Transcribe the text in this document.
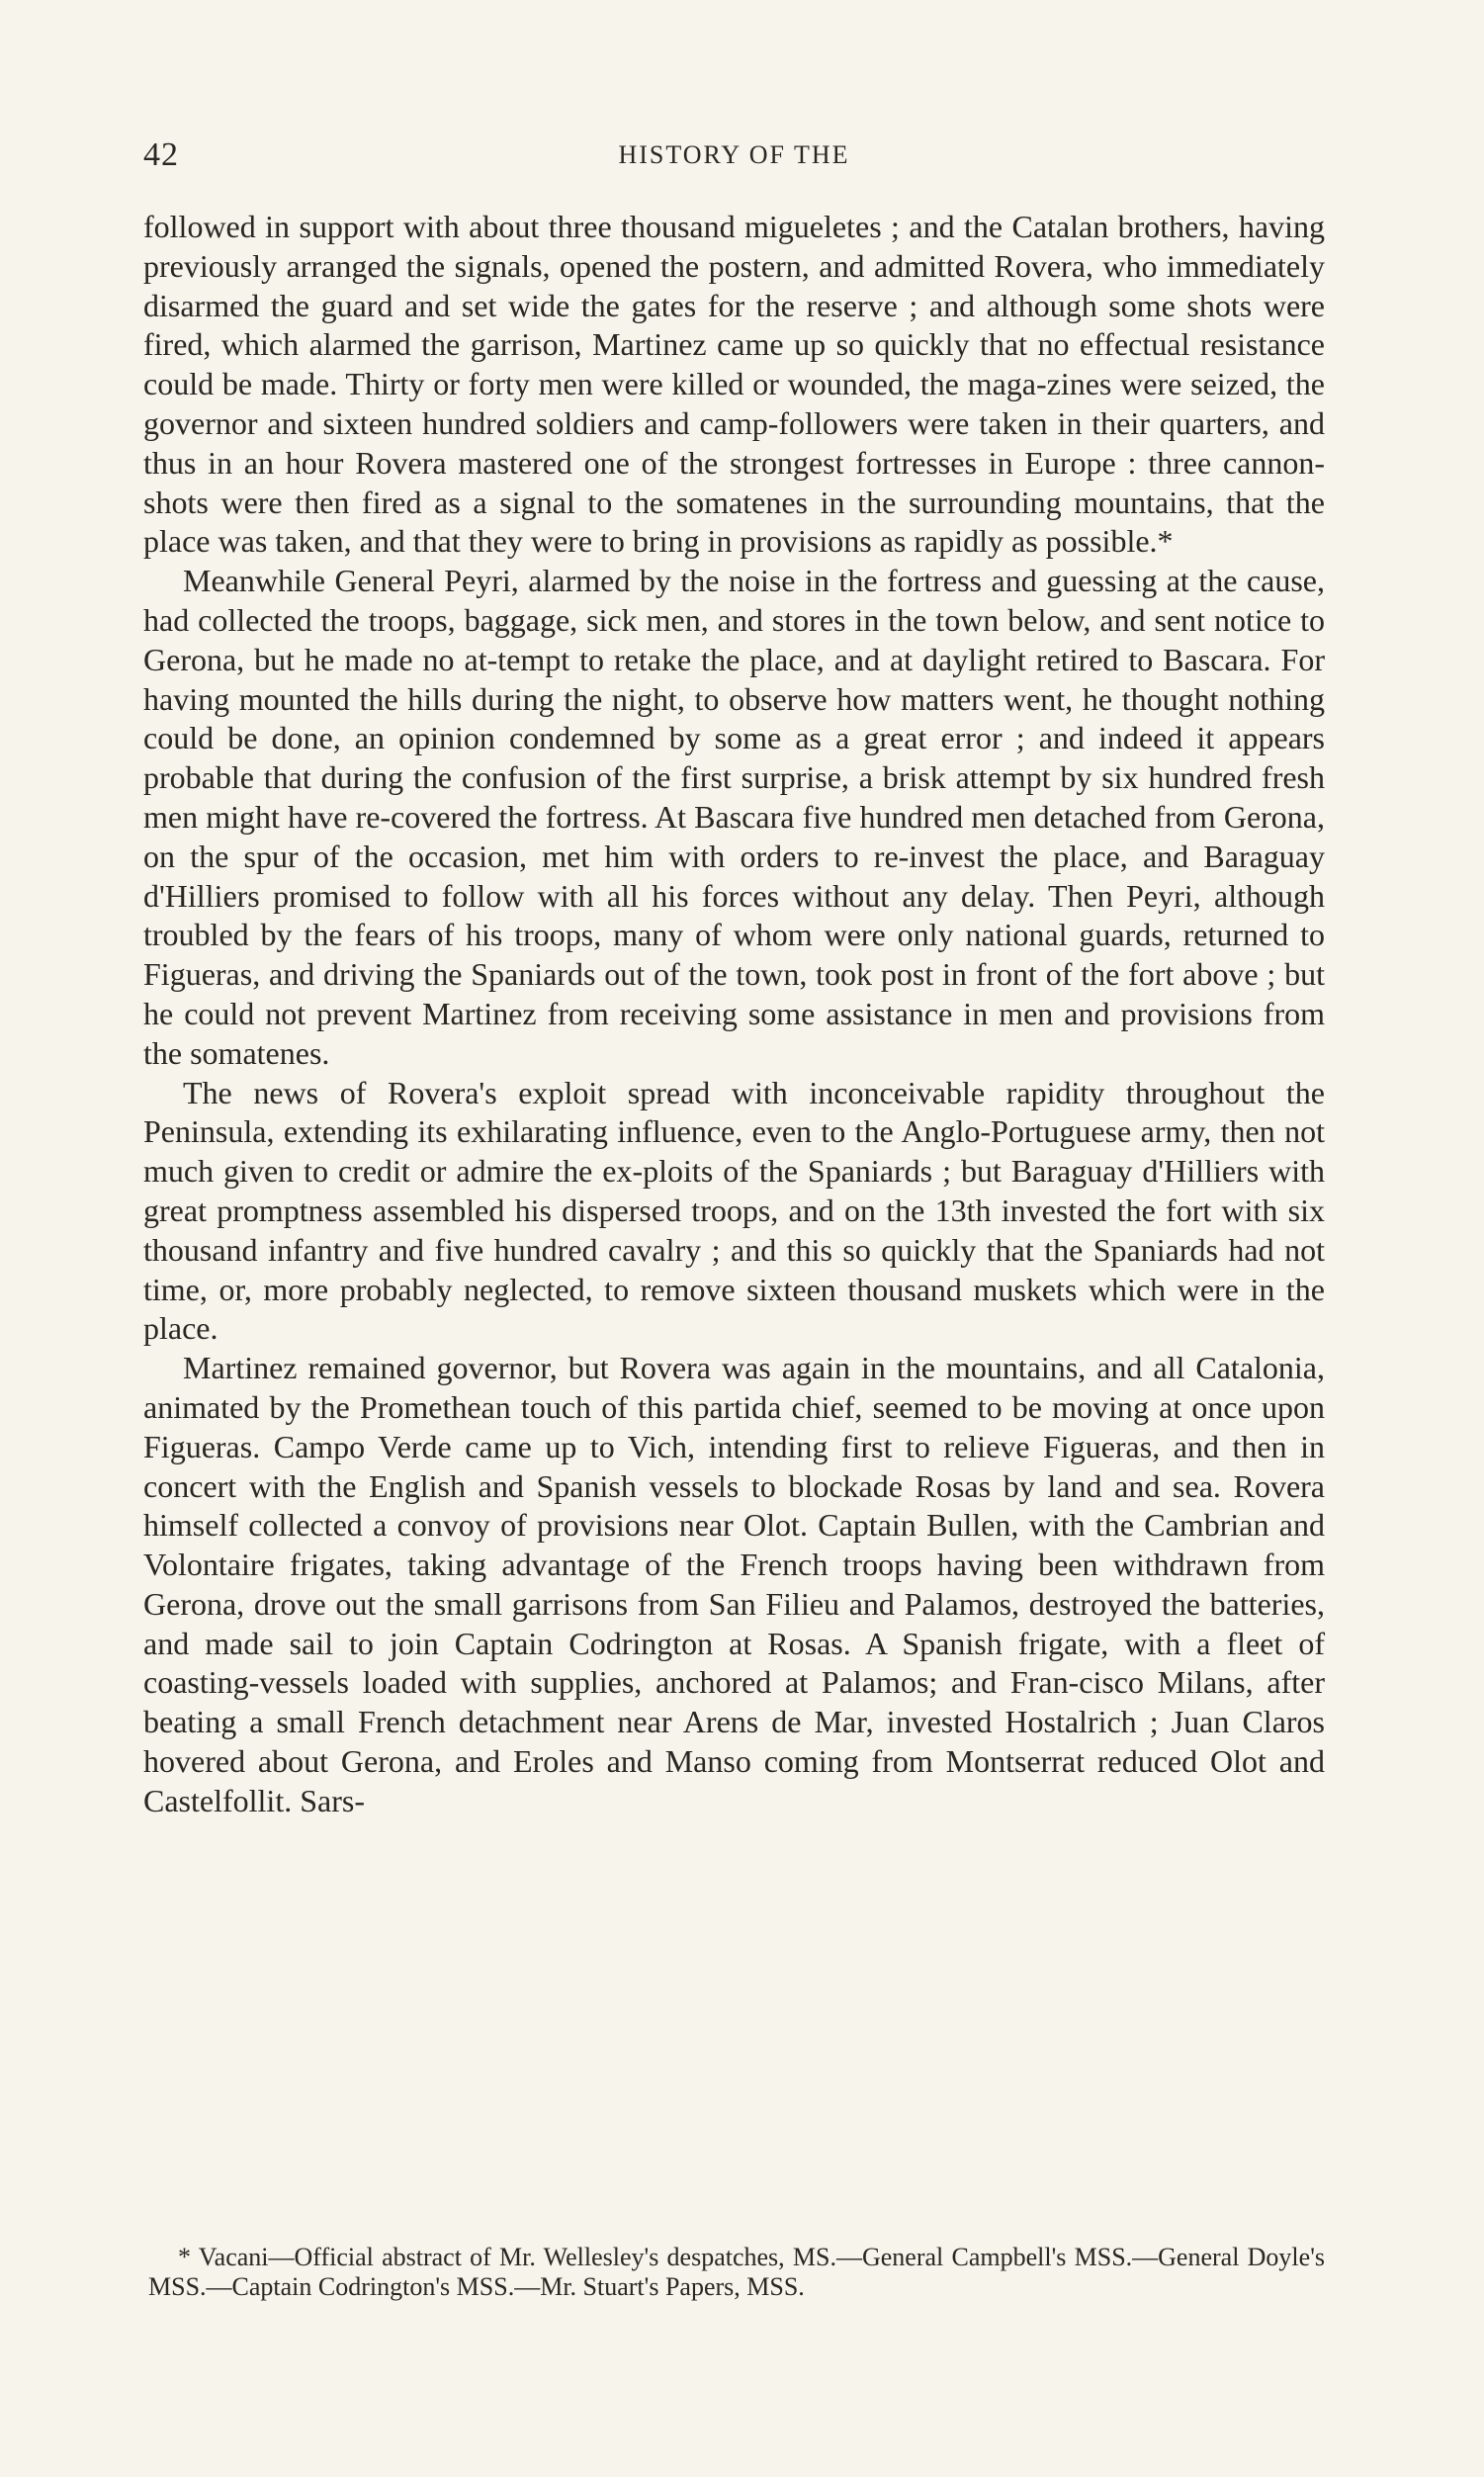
42	HISTORY OF THE

followed in support with about three thousand migueletes ; and the Catalan brothers, having previously arranged the signals, opened the postern, and admitted Rovera, who immediately disarmed the guard and set wide the gates for the reserve ; and although some shots were fired, which alarmed the garrison, Martinez came up so quickly that no effectual resistance could be made. Thirty or forty men were killed or wounded, the maga-zines were seized, the governor and sixteen hundred soldiers and camp-followers were taken in their quarters, and thus in an hour Rovera mastered one of the strongest fortresses in Europe : three cannon-shots were then fired as a signal to the somatenes in the surrounding mountains, that the place was taken, and that they were to bring in provisions as rapidly as possible.*

Meanwhile General Peyri, alarmed by the noise in the fortress and guessing at the cause, had collected the troops, baggage, sick men, and stores in the town below, and sent notice to Gerona, but he made no at-tempt to retake the place, and at daylight retired to Bascara. For having mounted the hills during the night, to observe how matters went, he thought nothing could be done, an opinion condemned by some as a great error ; and indeed it appears probable that during the confusion of the first surprise, a brisk attempt by six hundred fresh men might have re-covered the fortress. At Bascara five hundred men detached from Gerona, on the spur of the occasion, met him with orders to re-invest the place, and Baraguay d'Hilliers promised to follow with all his forces without any delay. Then Peyri, although troubled by the fears of his troops, many of whom were only national guards, returned to Figueras, and driving the Spaniards out of the town, took post in front of the fort above ; but he could not prevent Martinez from receiving some assistance in men and provisions from the somatenes.

The news of Rovera's exploit spread with inconceivable rapidity throughout the Peninsula, extending its exhilarating influence, even to the Anglo-Portuguese army, then not much given to credit or admire the ex-ploits of the Spaniards ; but Baraguay d'Hilliers with great promptness assembled his dispersed troops, and on the 13th invested the fort with six thousand infantry and five hundred cavalry ; and this so quickly that the Spaniards had not time, or, more probably neglected, to remove sixteen thousand muskets which were in the place.

Martinez remained governor, but Rovera was again in the mountains, and all Catalonia, animated by the Promethean touch of this partida chief, seemed to be moving at once upon Figueras. Campo Verde came up to Vich, intending first to relieve Figueras, and then in concert with the English and Spanish vessels to blockade Rosas by land and sea. Rovera himself collected a convoy of provisions near Olot. Captain Bullen, with the Cambrian and Volontaire frigates, taking advantage of the French troops having been withdrawn from Gerona, drove out the small garrisons from San Filieu and Palamos, destroyed the batteries, and made sail to join Captain Codrington at Rosas. A Spanish frigate, with a fleet of coasting-vessels loaded with supplies, anchored at Palamos; and Fran-cisco Milans, after beating a small French detachment near Arens de Mar, invested Hostalrich ; Juan Claros hovered about Gerona, and Eroles and Manso coming from Montserrat reduced Olot and Castelfollit. Sars-

* Vacani—Official abstract of Mr. Wellesley's despatches, MS.—General Campbell's MSS.—General Doyle's MSS.—Captain Codrington's MSS.—Mr. Stuart's Papers, MSS.
